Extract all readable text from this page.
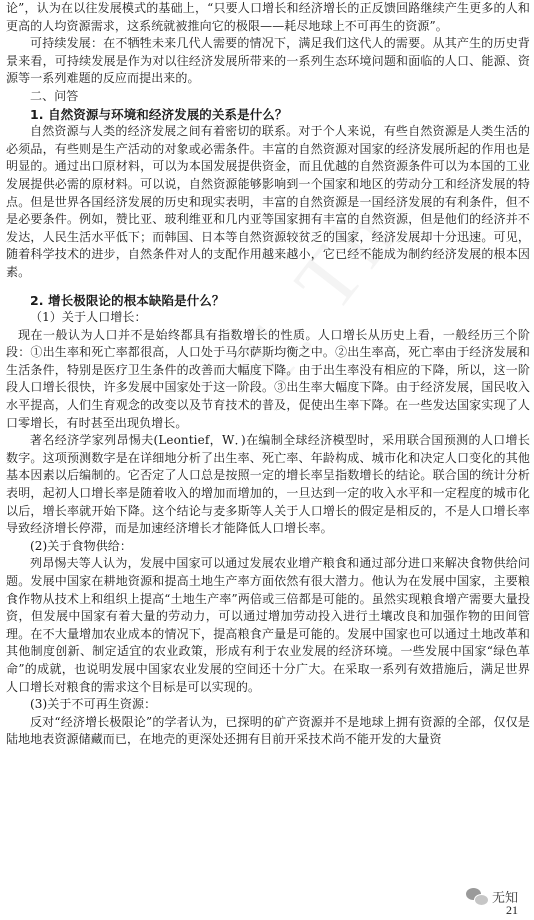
论”，认为在以往发展模式的基础上，“只要人口增长和经济增长的正反馈回路继续产生更多的人和更高的人均资源需求，这系统就被推向它的极限——耗尽地球上不可再生的资源”。

可持续发展：在不牺牲未来几代人需要的情况下，满足我们这代人的需要。从其产生的历史背景来看，可持续发展是作为对以往经济发展所带来的一系列生态环境问题和面临的人口、能源、资源等一系列难题的反应而提出来的。

二、问答

1. 自然资源与环境和经济发展的关系是什么？

自然资源与人类的经济发展之间有着密切的联系。对于个人来说，有些自然资源是人类生活的必须品，有些则是生产活动的对象或必需条件。丰富的自然资源对国家的经济发展所起的作用也是明显的。通过出口原材料，可以为本国发展提供资金，而且优越的自然资源条件可以为本国的工业发展提供必需的原材料。可以说，自然资源能够影响到一个国家和地区的劳动分工和经济发展的特点。但是世界各国经济发展的历史和现实表明，丰富的自然资源是一国经济发展的有利条件，但不是必要条件。例如，赞比亚、玻利维亚和几内亚等国家拥有丰富的自然资源，但是他们的经济并不发达，人民生活水平低下；而韩国、日本等自然资源较贫乏的国家，经济发展却十分迅速。可见，随着科学技术的进步，自然条件对人的支配作用越来越小，它已经不能成为制约经济发展的根本因素。

2. 增长极限论的根本缺陷是什么？

（1）关于人口增长：

现在一般认为人口并不是始终都具有指数增长的性质。人口增长从历史上看，一般经历三个阶段：①出生率和死亡率都很高，人口处于马尔萨斯均衡之中。②出生率高，死亡率由于经济发展和生活条件，特别是医疗卫生条件的改善而大幅度下降。由于出生率没有相应的下降，所以，这一阶段人口增长很快，许多发展中国家处于这一阶段。③出生率大幅度下降。由于经济发展，国民收入水平提高，人们生育观念的改变以及节育技术的普及，促使出生率下降。在一些发达国家实现了人口零增长，有时甚至出现负增长。

著名经济学家列昂惕夫(Leontief，W．)在编制全球经济模型时，采用联合国预测的人口增长数字。这项预测数字是在详细地分析了出生率、死亡率、年龄构成、城市化和决定人口变化的其他基本因素以后编制的。它否定了人口总是按照一定的增长率呈指数增长的结论。联合国的统计分析表明，起初人口增长率是随着收入的增加而增加的，一旦达到一定的收入水平和一定程度的城市化以后，增长率就开始下降。这个结论与麦多斯等人关于人口增长的假定是相反的，不是人口增长率导致经济增长停滞，而是加速经济增长才能降低人口增长率。

(2)关于食物供给：

列昂惕夫等人认为，发展中国家可以通过发展农业增产粮食和通过部分进口来解决食物供给问题。发展中国家在耕地资源和提高土地生产率方面依然有很大潜力。他认为在发展中国家，主要粮食作物从技术上和组织上提高“土地生产率”两倍或三倍都是可能的。虽然实现粮食增产需要大量投资，但发展中国家有着大量的劳动力，可以通过增加劳动投入进行土壤改良和加强作物的田间管理。在不大量增加农业成本的情况下，提高粮食产量是可能的。发展中国家也可以通过土地改革和其他制度创新、制定适宜的农业政策，形成有利于农业发展的经济环境。一些发展中国家“绿色革命”的成就，也说明发展中国家农业发展的空间还十分广大。在采取一系列有效措施后，满足世界人口增长对粮食的需求这个目标是可以实现的。

(3)关于不可再生资源：

反对“经济增长极限论”的学者认为，已探明的矿产资源并不是地球上拥有资源的全部，仅仅是陆地地表资源储藏而已，在地壳的更深处还拥有目前开采技术尚不能开发的大量资

无知
21
